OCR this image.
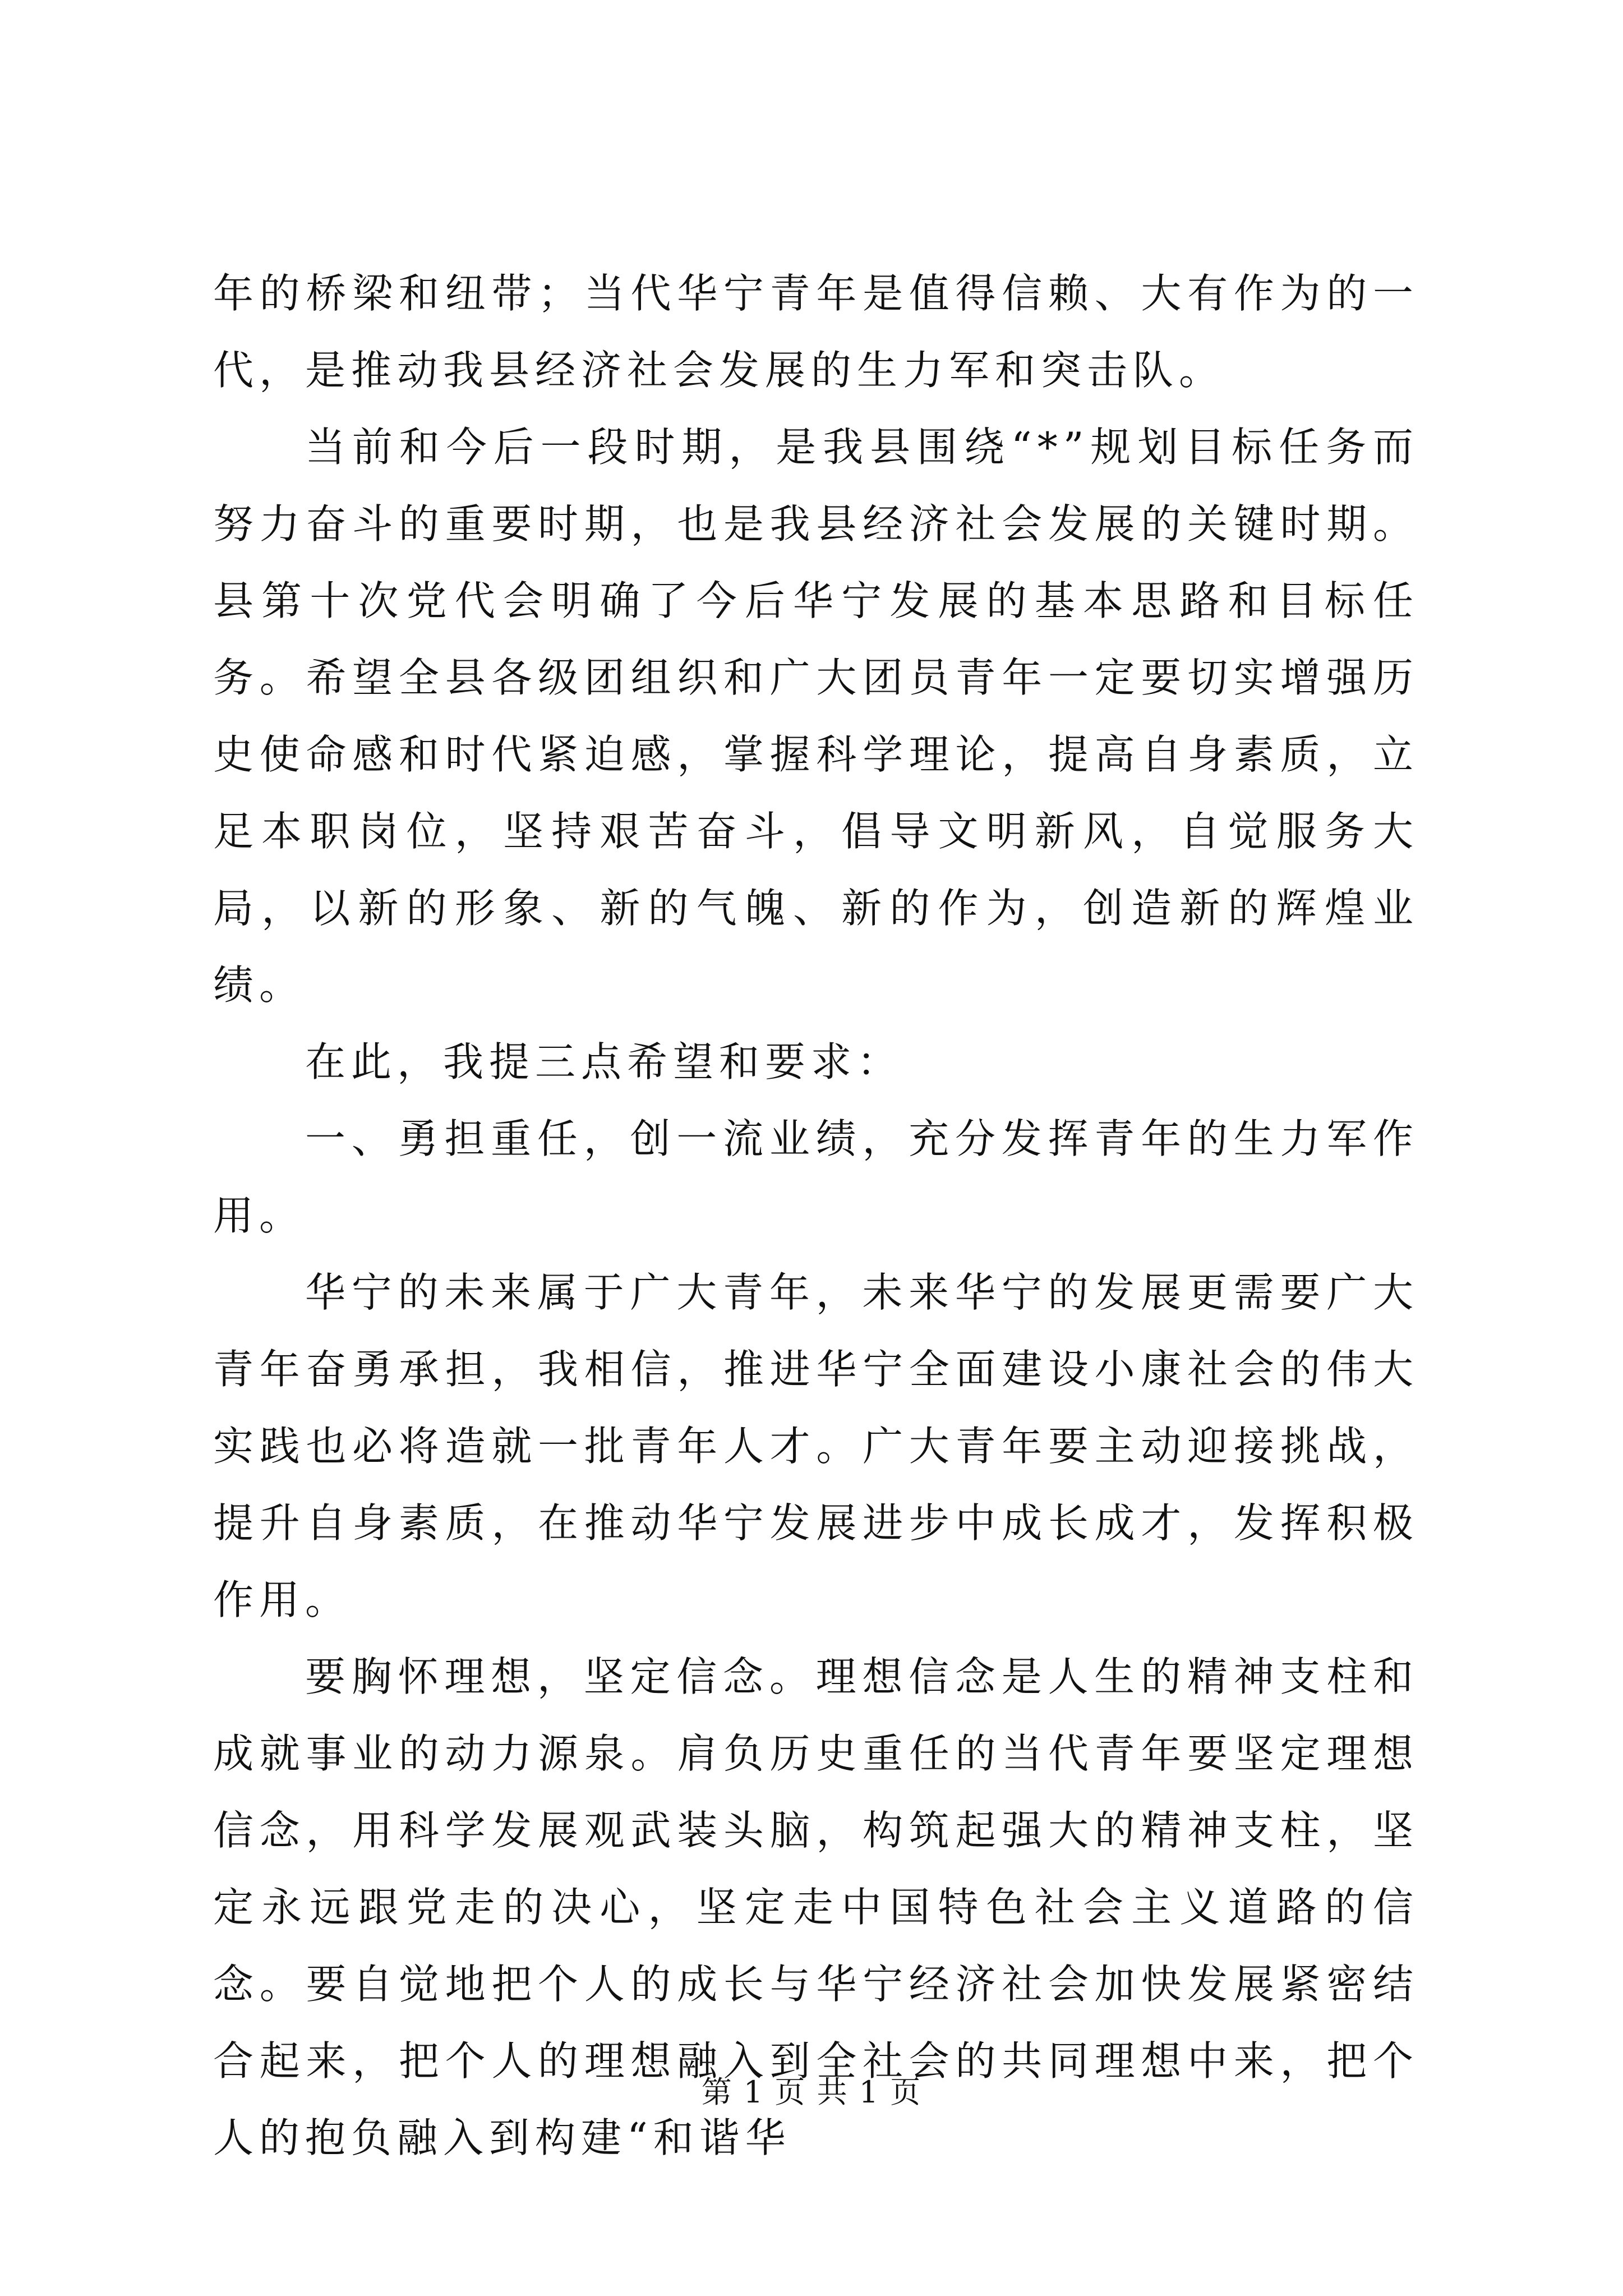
年的桥梁和纽带；当代华宁青年是值得信赖、大有作为的一代，是推动我县经济社会发展的生力军和突击队。

当前和今后一段时期，是我县围绕“*”规划目标任务而努力奋斗的重要时期，也是我县经济社会发展的关键时期。县第十次党代会明确了今后华宁发展的基本思路和目标任务。希望全县各级团组织和广大团员青年一定要切实增强历史使命感和时代紧迫感，掌握科学理论，提高自身素质，立足本职岗位，坚持艰苦奋斗，倡导文明新风，自觉服务大局，以新的形象、新的气魄、新的作为，创造新的辉煌业绩。

在此，我提三点希望和要求：

一、勇担重任，创一流业绩，充分发挥青年的生力军作用。

华宁的未来属于广大青年，未来华宁的发展更需要广大青年奋勇承担，我相信，推进华宁全面建设小康社会的伟大实践也必将造就一批青年人才。广大青年要主动迎接挑战，提升自身素质，在推动华宁发展进步中成长成才，发挥积极作用。

要胸怀理想，坚定信念。理想信念是人生的精神支柱和成就事业的动力源泉。肩负历史重任的当代青年要坚定理想信念，用科学发展观武装头脑，构筑起强大的精神支柱，坚定永远跟党走的决心，坚定走中国特色社会主义道路的信念。要自觉地把个人的成长与华宁经济社会加快发展紧密结合起来，把个人的理想融入到全社会的共同理想中来，把个人的抱负融入到构建“和谐华

第 1 页 共 1 页
